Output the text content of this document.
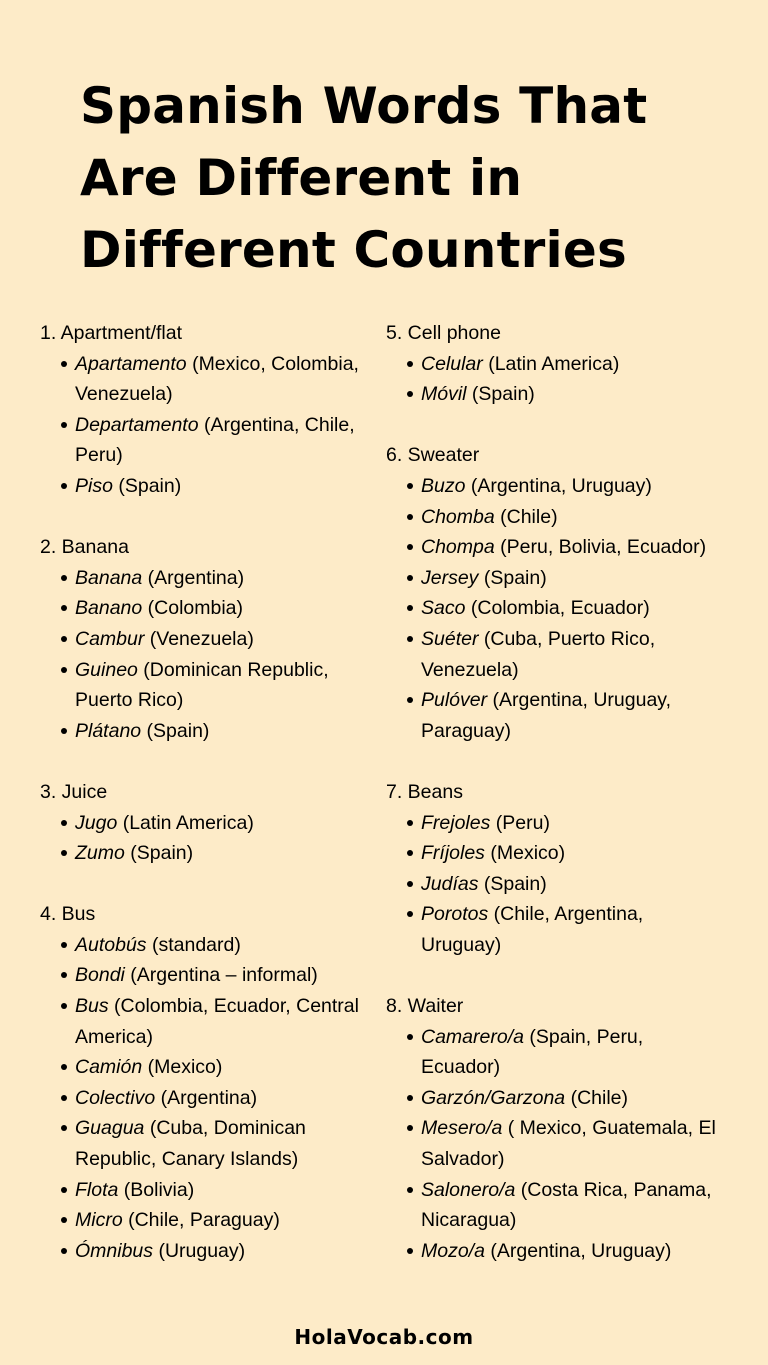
Spanish Words That
Are Different in
Different Countries
1. Apartment/flat
Apartamento (Mexico, Colombia, Venezuela)
Departamento (Argentina, Chile, Peru)
Piso (Spain)
2. Banana
Banana (Argentina)
Banano (Colombia)
Cambur (Venezuela)
Guineo (Dominican Republic, Puerto Rico)
Plátano (Spain)
3. Juice
Jugo (Latin America)
Zumo (Spain)
4. Bus
Autobús (standard)
Bondi (Argentina – informal)
Bus (Colombia, Ecuador, Central America)
Camión (Mexico)
Colectivo (Argentina)
Guagua (Cuba, Dominican Republic, Canary Islands)
Flota (Bolivia)
Micro (Chile, Paraguay)
Ómnibus (Uruguay)
5. Cell phone
Celular (Latin America)
Móvil (Spain)
6. Sweater
Buzo (Argentina, Uruguay)
Chomba (Chile)
Chompa (Peru, Bolivia, Ecuador)
Jersey (Spain)
Saco (Colombia, Ecuador)
Suéter (Cuba, Puerto Rico, Venezuela)
Pulóver (Argentina, Uruguay, Paraguay)
7. Beans
Frejoles (Peru)
Fríjoles (Mexico)
Judías (Spain)
Porotos (Chile, Argentina, Uruguay)
8. Waiter
Camarero/a (Spain, Peru, Ecuador)
Garzón/Garzona (Chile)
Mesero/a ( Mexico, Guatemala, El Salvador)
Salonero/a (Costa Rica, Panama, Nicaragua)
Mozo/a (Argentina, Uruguay)
HolaVocab.com
